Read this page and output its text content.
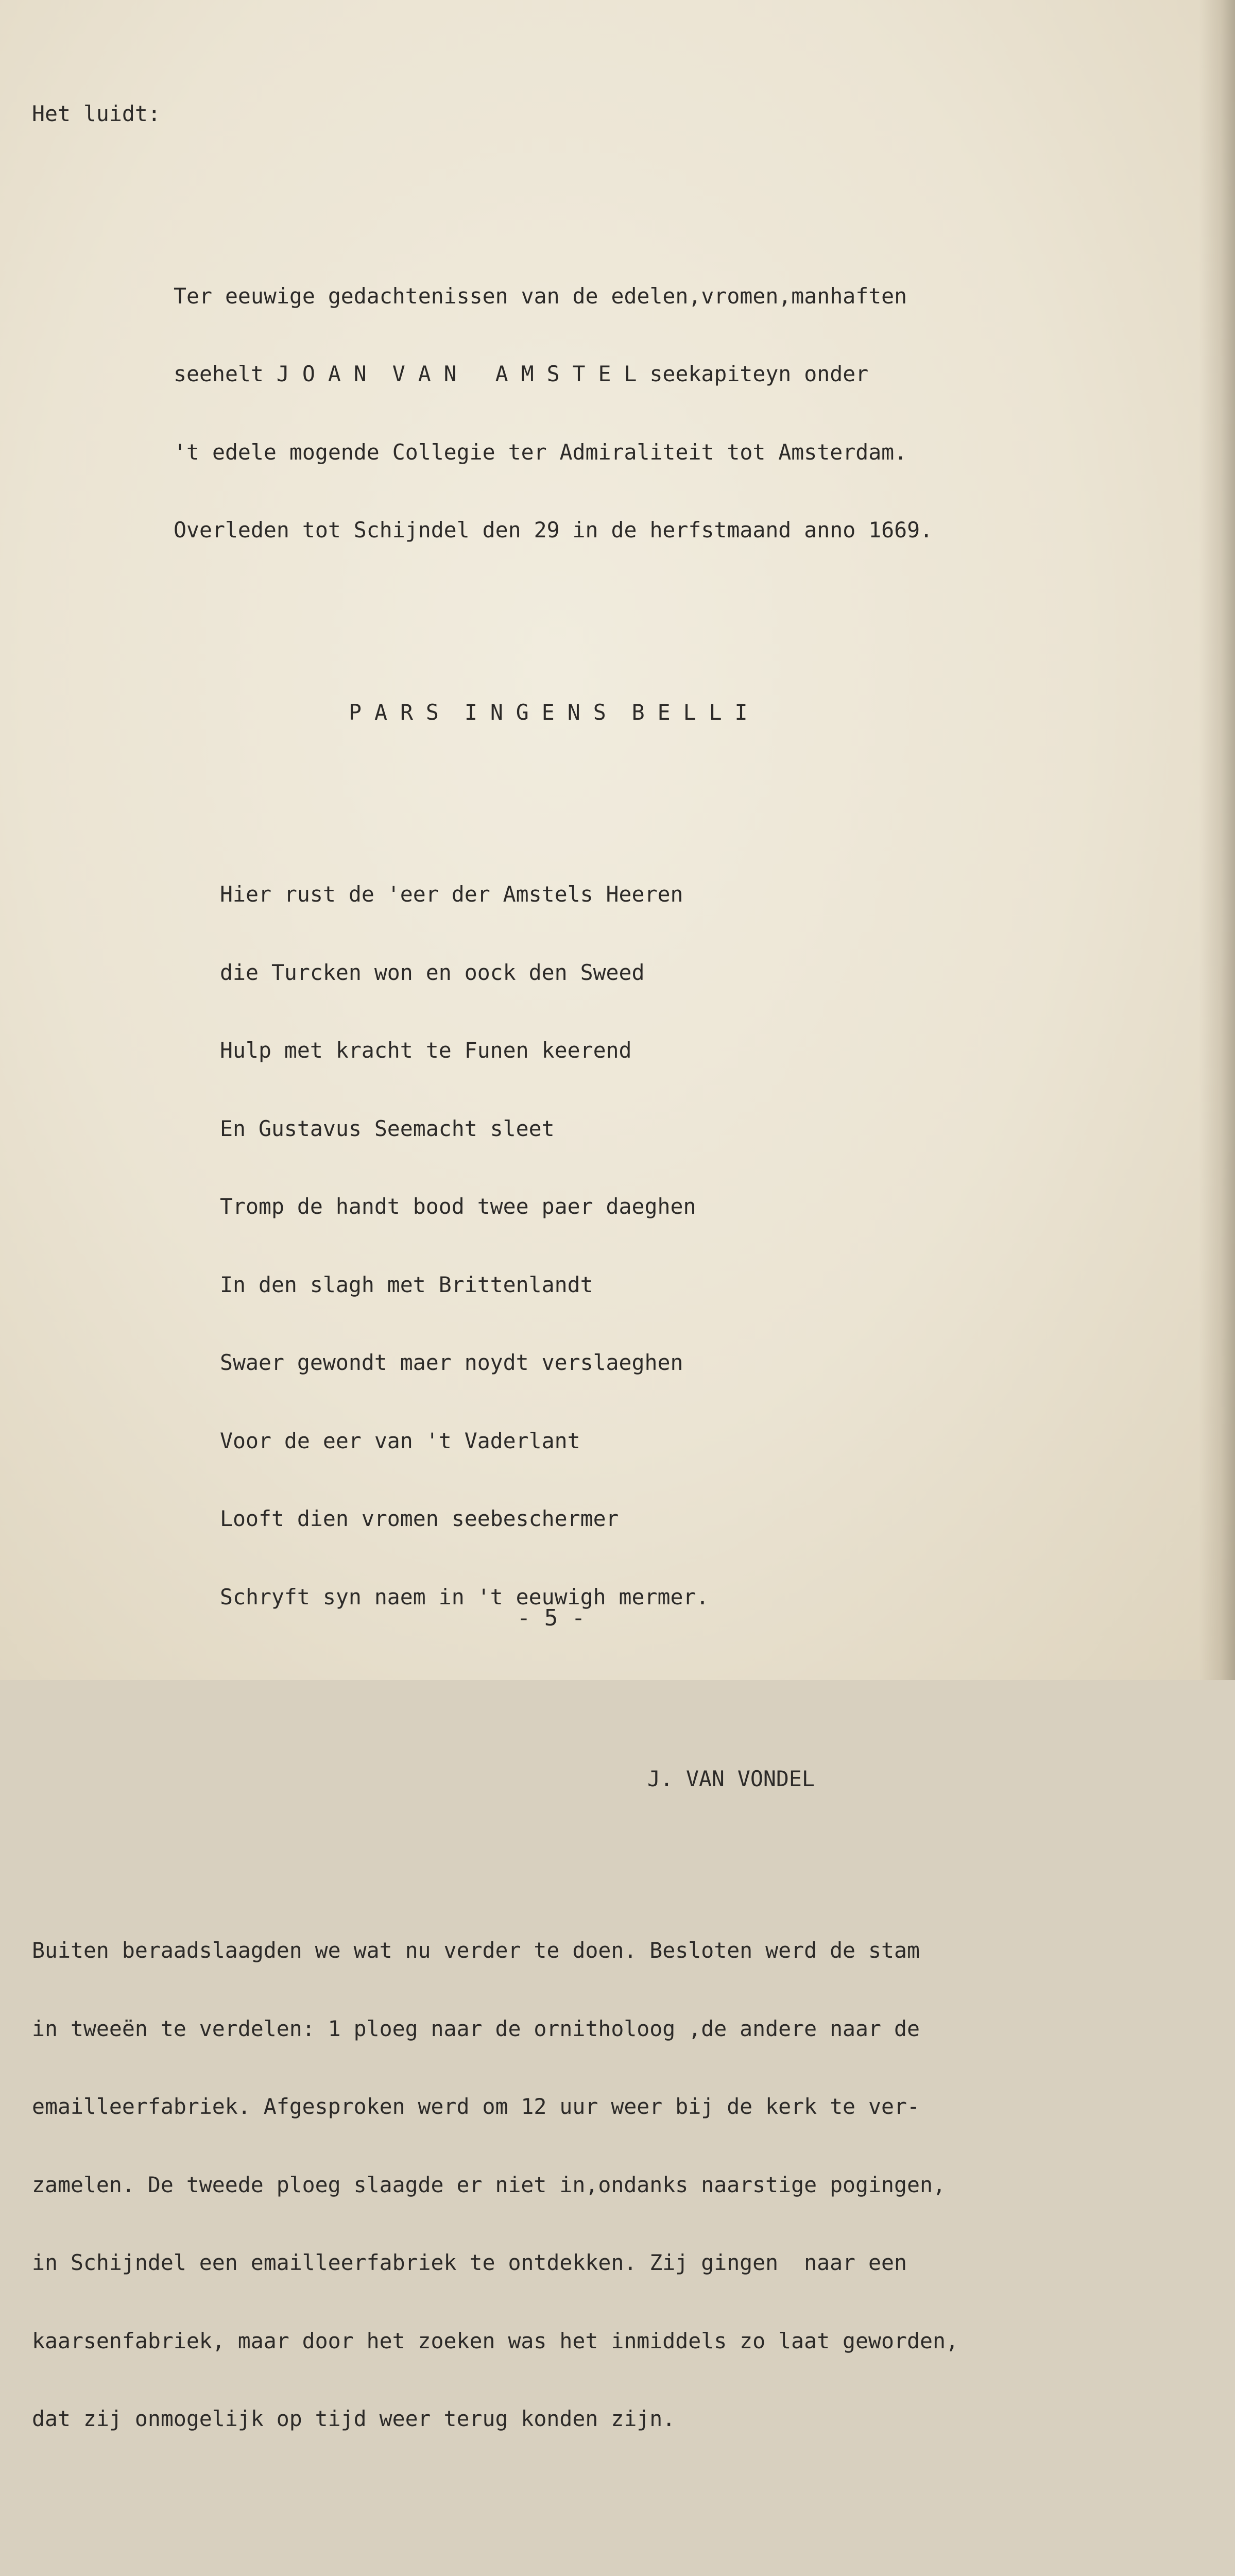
Het luidt:

Ter eeuwige gedachtenissen van de edelen,vromen,manhaften

seehelt J O A N  V A N   A M S T E L seekapiteyn onder

't edele mogende Collegie ter Admiraliteit tot Amsterdam.

Overleden tot Schijndel den 29 in de herfstmaand anno 1669.

P A R S  I N G E N S  B E L L I

Hier rust de 'eer der Amstels Heeren

die Turcken won en oock den Sweed

Hulp met kracht te Funen keerend

En Gustavus Seemacht sleet

Tromp de handt bood twee paer daeghen

In den slagh met Brittenlandt

Swaer gewondt maer noydt verslaeghen

Voor de eer van 't Vaderlant

Looft dien vromen seebeschermer

Schryft syn naem in 't eeuwigh mermer.

J. VAN VONDEL

Buiten beraadslaagden we wat nu verder te doen. Besloten werd de stam

in tweeën te verdelen: 1 ploeg naar de ornitholoog ,de andere naar de

emailleerfabriek. Afgesproken werd om 12 uur weer bij de kerk te ver-

zamelen. De tweede ploeg slaagde er niet in,ondanks naarstige pogingen,

in Schijndel een emailleerfabriek te ontdekken. Zij gingen  naar een

kaarsenfabriek, maar door het zoeken was het inmiddels zo laat geworden,

dat zij onmogelijk op tijd weer terug konden zijn.

- 5 -
